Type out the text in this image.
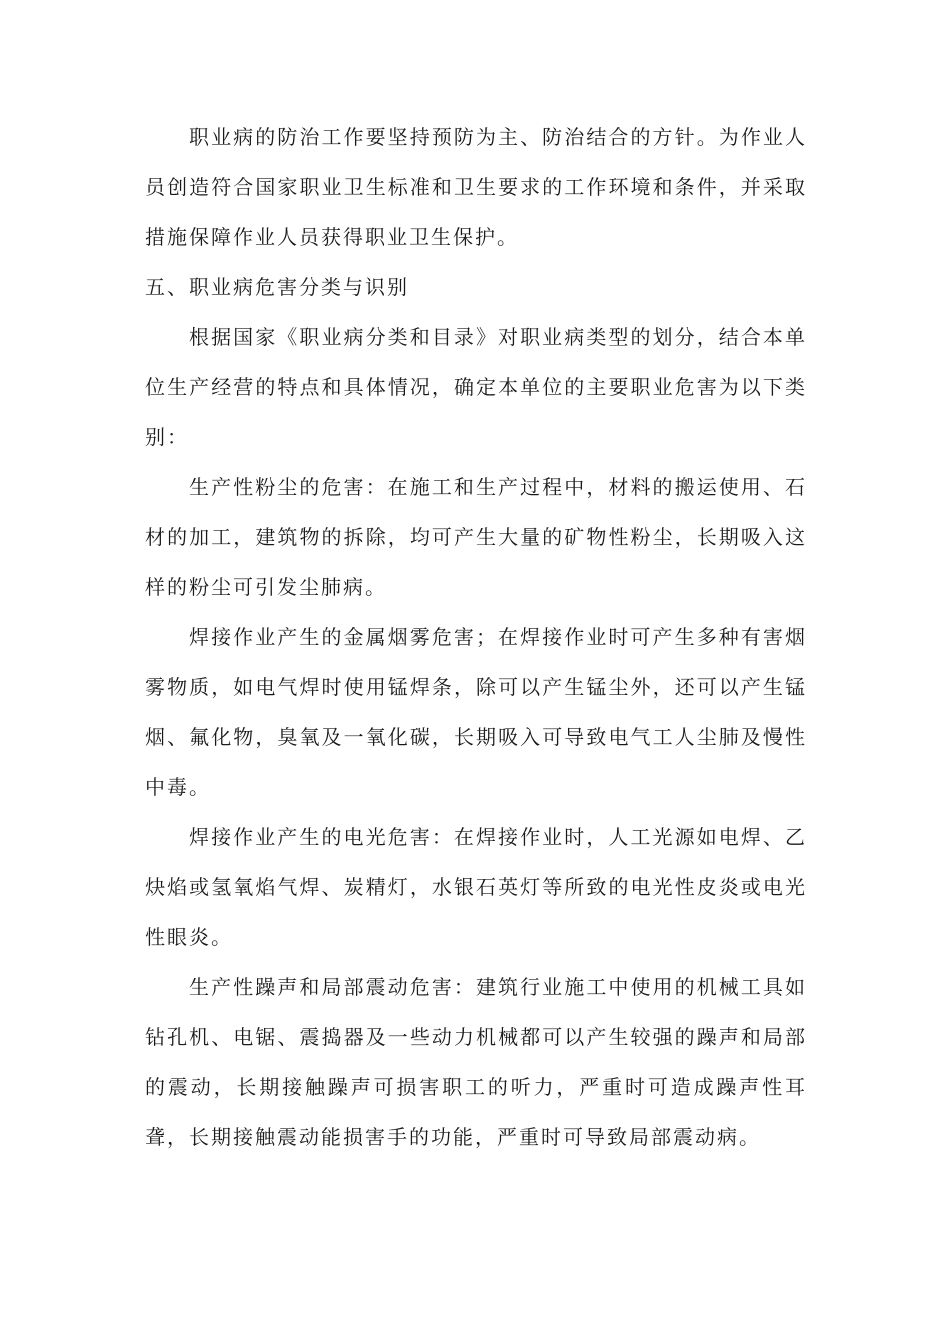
职业病的防治工作要坚持预防为主、防治结合的方针。为作业人员创造符合国家职业卫生标准和卫生要求的工作环境和条件，并采取措施保障作业人员获得职业卫生保护。

五、职业病危害分类与识别

根据国家《职业病分类和目录》对职业病类型的划分，结合本单位生产经营的特点和具体情况，确定本单位的主要职业危害为以下类别：

生产性粉尘的危害：在施工和生产过程中，材料的搬运使用、石材的加工，建筑物的拆除，均可产生大量的矿物性粉尘，长期吸入这样的粉尘可引发尘肺病。

焊接作业产生的金属烟雾危害；在焊接作业时可产生多种有害烟雾物质，如电气焊时使用锰焊条，除可以产生锰尘外，还可以产生锰烟、氟化物，臭氧及一氧化碳，长期吸入可导致电气工人尘肺及慢性中毒。

焊接作业产生的电光危害：在焊接作业时，人工光源如电焊、乙炔焰或氢氧焰气焊、炭精灯，水银石英灯等所致的电光性皮炎或电光性眼炎。

生产性躁声和局部震动危害：建筑行业施工中使用的机械工具如钻孔机、电锯、震捣器及一些动力机械都可以产生较强的躁声和局部的震动，长期接触躁声可损害职工的听力，严重时可造成躁声性耳聋，长期接触震动能损害手的功能，严重时可导致局部震动病。
